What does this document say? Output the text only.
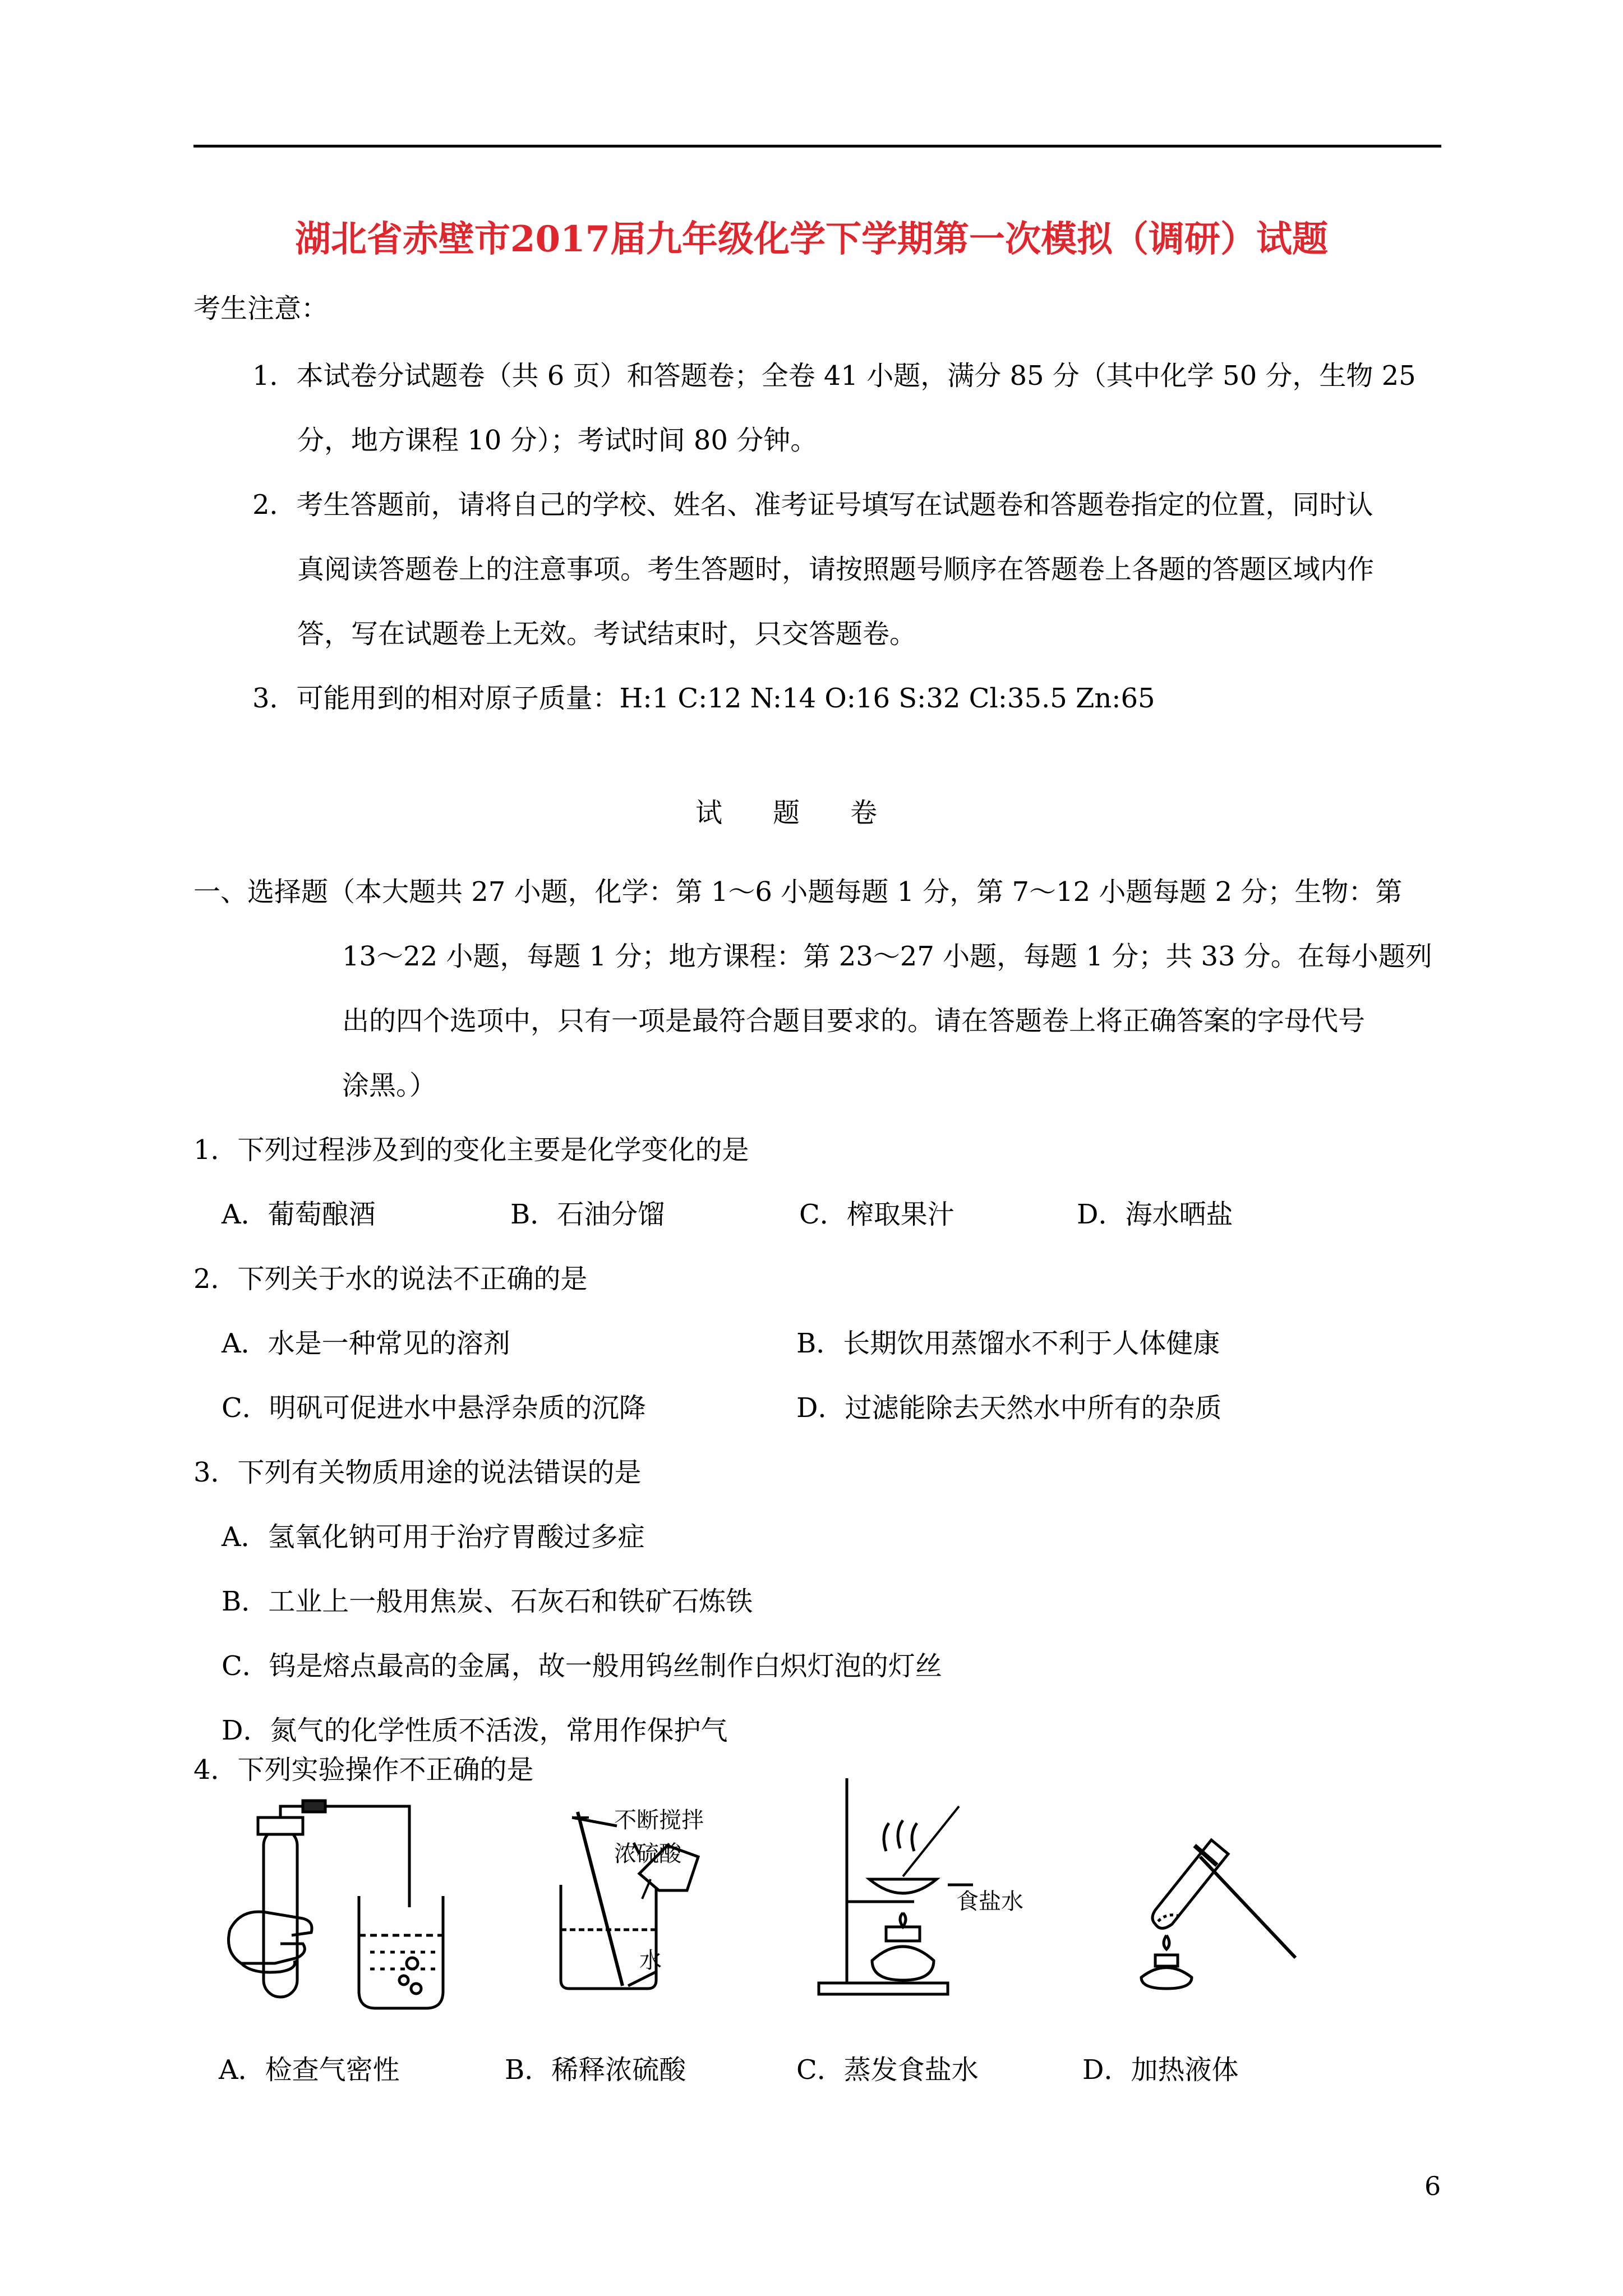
湖北省赤壁市2017届九年级化学下学期第一次模拟（调研）试题
考生注意：
1．本试卷分试题卷（共 6 页）和答题卷；全卷 41 小题，满分 85 分（其中化学 50 分，生物 25
分，地方课程 10 分）；考试时间 80 分钟。
2．考生答题前，请将自己的学校、姓名、准考证号填写在试题卷和答题卷指定的位置，同时认
真阅读答题卷上的注意事项。考生答题时，请按照题号顺序在答题卷上各题的答题区域内作
答，写在试题卷上无效。考试结束时，只交答题卷。
3．可能用到的相对原子质量：H:1 C:12 N:14 O:16 S:32 Cl:35.5 Zn:65
试题卷
一、选择题（本大题共 27 小题，化学：第 1～6 小题每题 1 分，第 7～12 小题每题 2 分；生物：第
13～22 小题，每题 1 分；地方课程：第 23～27 小题，每题 1 分；共 33 分。在每小题列
出的四个选项中，只有一项是最符合题目要求的。请在答题卷上将正确答案的字母代号
涂黑。）
1．下列过程涉及到的变化主要是化学变化的是
A．葡萄酿酒	B．石油分馏	C．榨取果汁	D．海水晒盐
2．下列关于水的说法不正确的是
A．水是一种常见的溶剂	B．长期饮用蒸馏水不利于人体健康
C．明矾可促进水中悬浮杂质的沉降	D．过滤能除去天然水中所有的杂质
3．下列有关物质用途的说法错误的是
A．氢氧化钠可用于治疗胃酸过多症
B．工业上一般用焦炭、石灰石和铁矿石炼铁
C．钨是熔点最高的金属，故一般用钨丝制作白炽灯泡的灯丝
D．氮气的化学性质不活泼，常用作保护气
4．下列实验操作不正确的是
A．检查气密性
不断搅拌
浓硫酸
水
B．稀释浓硫酸
食盐水
C．蒸发食盐水	D．加热液体
6
